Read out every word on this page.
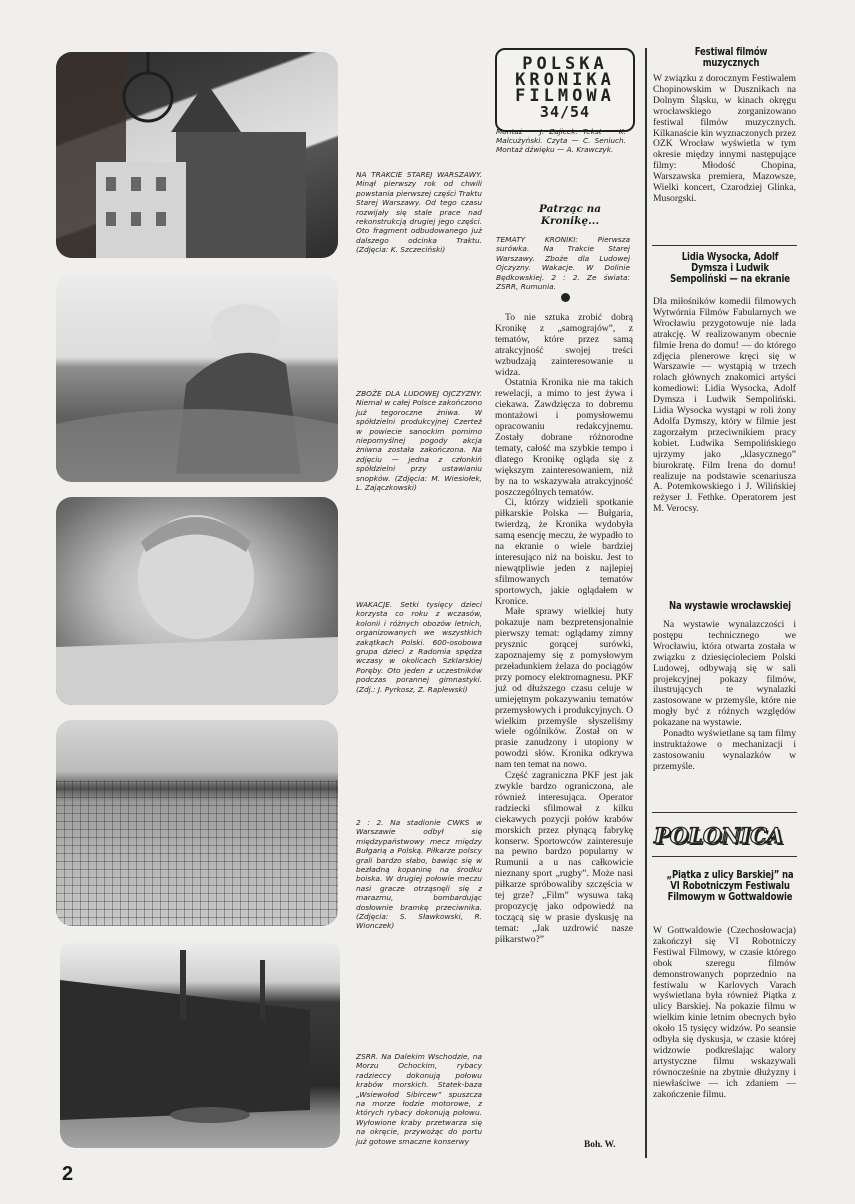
NA TRAKCIE STAREJ WARSZAWY. Minął pierwszy rok od chwili powstania pierwszej części Traktu Starej Warszawy. Od tego czasu rozwijały się stale prace nad rekonstrukcją drugiej jego części. Oto fragment odbudowanego już dalszego odcinka Traktu. (Zdjęcia: K. Szczeciński)
ZBOŻE DLA LUDOWEJ OJCZYZNY. Niemal w całej Polsce zakończono już tegoroczne żniwa. W spółdzielni produkcyjnej Czerteż w powiecie sanockim pomimo niepomyślnej pogody akcja żniwna została zakończona. Na zdjęciu — jedna z członkiń spółdzielni przy ustawianiu snopków. (Zdjęcia: M. Wiesiołek, L. Zajączkowski)
WAKACJE. Setki tysięcy dzieci korzysta co roku z wczasów, kolonii i różnych obozów letnich, organizowanych we wszystkich zakątkach Polski. 600-osobowa grupa dzieci z Radomia spędza wczasy w okolicach Szklarskiej Poręby. Oto jeden z uczestników podczas porannej gimnastyki. (Zdj.: J. Pyrkosz, Z. Raplewski)
2 : 2. Na stadionie CWKS w Warszawie odbył się międzypaństwowy mecz między Bułgarią a Polską. Piłkarze polscy grali bardzo słabo, bawiąc się w bezładną kopaninę na środku boiska. W drugiej połowie meczu nasi gracze otrząsnęli się z marazmu, bombardując dosłownie bramkę przeciwnika. (Zdjęcia: S. Sławkowski, R. Wionczek)
ZSRR. Na Dalekim Wschodzie, na Morzu Ochockim, rybacy radzieccy dokonują połowu krabów morskich. Statek-baza „Wsiewołod Sibircew” spuszcza na morze łodzie motorowe, z których rybacy dokonują połowu. Wyłowione kraby przetwarza się na okręcie, przywożąc do portu już gotowe smaczne konserwy
POLSKA
KRONIKA
FILMOWA
34/54
Montaż — J. Zajicek. Tekst — K. Malcużyński. Czyta — C. Seniuch. Montaż dźwięku — A. Krawczyk.
Patrząc na Kronikę...
TEMATY KRONIKI: Pierwsza surówka. Na Trakcie Starej Warszawy. Zboże dla Ludowej Ojczyzny. Wakacje. W Dolinie Będkowskiej. 2 : 2. Ze świata: ZSRR, Rumunia.

To nie sztuka zrobić dobrą Kronikę z „samograjów”, z tematów, które przez samą atrakcyjność swojej treści wzbudzają zainteresowanie u widza.

Ostatnia Kronika nie ma takich rewelacji, a mimo to jest żywa i ciekawa. Zawdzięcza to dobremu montażowi i pomysłowemu opracowaniu redakcyjnemu. Zostały dobrane różnorodne tematy, całość ma szybkie tempo i dlatego Kronikę ogląda się z większym zainteresowaniem, niż by na to wskazywała atrakcyjność poszczególnych tematów.

Ci, którzy widzieli spotkanie piłkarskie Polska — Bułgaria, twierdzą, że Kronika wydobyła samą esencję meczu, że wypadło to na ekranie o wiele bardziej interesująco niż na boisku. Jest to niewątpliwie jeden z najlepiej sfilmowanych tematów sportowych, jakie oglądałem w Kronice.

Małe sprawy wielkiej huty pokazuje nam bezpretensjonalnie pierwszy temat: oglądamy zimny prysznic gorącej surówki, zapoznajemy się z pomysłowym przeładunkiem żelaza do pociągów przy pomocy elektromagnesu. PKF już od dłuższego czasu celuje w umiejętnym pokazywaniu tematów przemysłowych i produkcyjnych. O wielkim przemyśle słyszeliśmy wiele ogólników. Został on w prasie zanudzony i utopiony w powodzi słów. Kronika odkrywa nam ten temat na nowo.

Część zagraniczna PKF jest jak zwykle bardzo ograniczona, ale również interesująca. Operator radziecki sfilmował z kilku ciekawych pozycji połów krabów morskich przez płynącą fabrykę konserw. Sportowców zainteresuje na pewno bardzo popularny w Rumunii a u nas całkowicie nieznany sport „rugby”. Może nasi piłkarze spróbowaliby szczęścia w tej grze? „Film” wysuwa taką propozycję jako odpowiedź na toczącą się w prasie dyskusję na temat: „Jak uzdrowić nasze piłkarstwo?”

Boh. W.
Festiwal filmów muzycznych
W związku z dorocznym Festiwalem Chopinowskim w Dusznikach na Dolnym Śląsku, w kinach okręgu wrocławskiego zorganizowano festiwal filmów muzycznych. Kilkanaście kin wyznaczonych przez OZK Wrocław wyświetla w tym okresie między innymi następujące filmy: Młodość Chopina, Warszawska premiera, Mazowsze, Wielki koncert, Czarodziej Glinka, Musorgski.
Lidia Wysocka, Adolf Dymsza i Ludwik Sempoliński — na ekranie
Dla miłośników komedii filmowych Wytwórnia Filmów Fabularnych we Wrocławiu przygotowuje nie lada atrakcję. W realizowanym obecnie filmie Irena do domu! — do którego zdjęcia plenerowe kręci się w Warszawie — wystąpią w trzech rolach głównych znakomici artyści komediowi: Lidia Wysocka, Adolf Dymsza i Ludwik Sempoliński. Lidia Wysocka wystąpi w roli żony Adolfa Dymszy, który w filmie jest zagorzałym przeciwnikiem pracy kobiet. Ludwika Sempolińskiego ujrzymy jako „klasycznego” biurokratę. Film Irena do domu! realizuje na podstawie scenariusza A. Potemkowskiego i J. Wilińskiej reżyser J. Fethke. Operatorem jest M. Verocsy.
Na wystawie wrocławskiej

Na wystawie wynalazczości i postępu technicznego we Wrocławiu, która otwarta została w związku z dziesięcioleciem Polski Ludowej, odbywają się w sali projekcyjnej pokazy filmów, ilustrujących te wynalazki zastosowane w przemyśle, które nie mogły być z różnych względów pokazane na wystawie.

Ponadto wyświetlane są tam filmy instruktażowe o mechanizacji i zastosowaniu wynalazków w przemyśle.

POLONICA
„Piątka z ulicy Barskiej” na VI Robotniczym Festiwalu Filmowym w Gottwaldowie
W Gottwaldowie (Czechosłowacja) zakończył się VI Robotniczy Festiwal Filmowy, w czasie którego obok szeregu filmów demonstrowanych poprzednio na festiwalu w Karlovych Varach wyświetlana była również Piątka z ulicy Barskiej. Na pokazie filmu w wielkim kinie letnim obecnych było około 15 tysięcy widzów. Po seansie odbyła się dyskusja, w czasie której widzowie podkreślając walory artystyczne filmu wskazywali równocześnie na zbytnie dłużyzny i niewłaściwe — ich zdaniem — zakończenie filmu.
2
